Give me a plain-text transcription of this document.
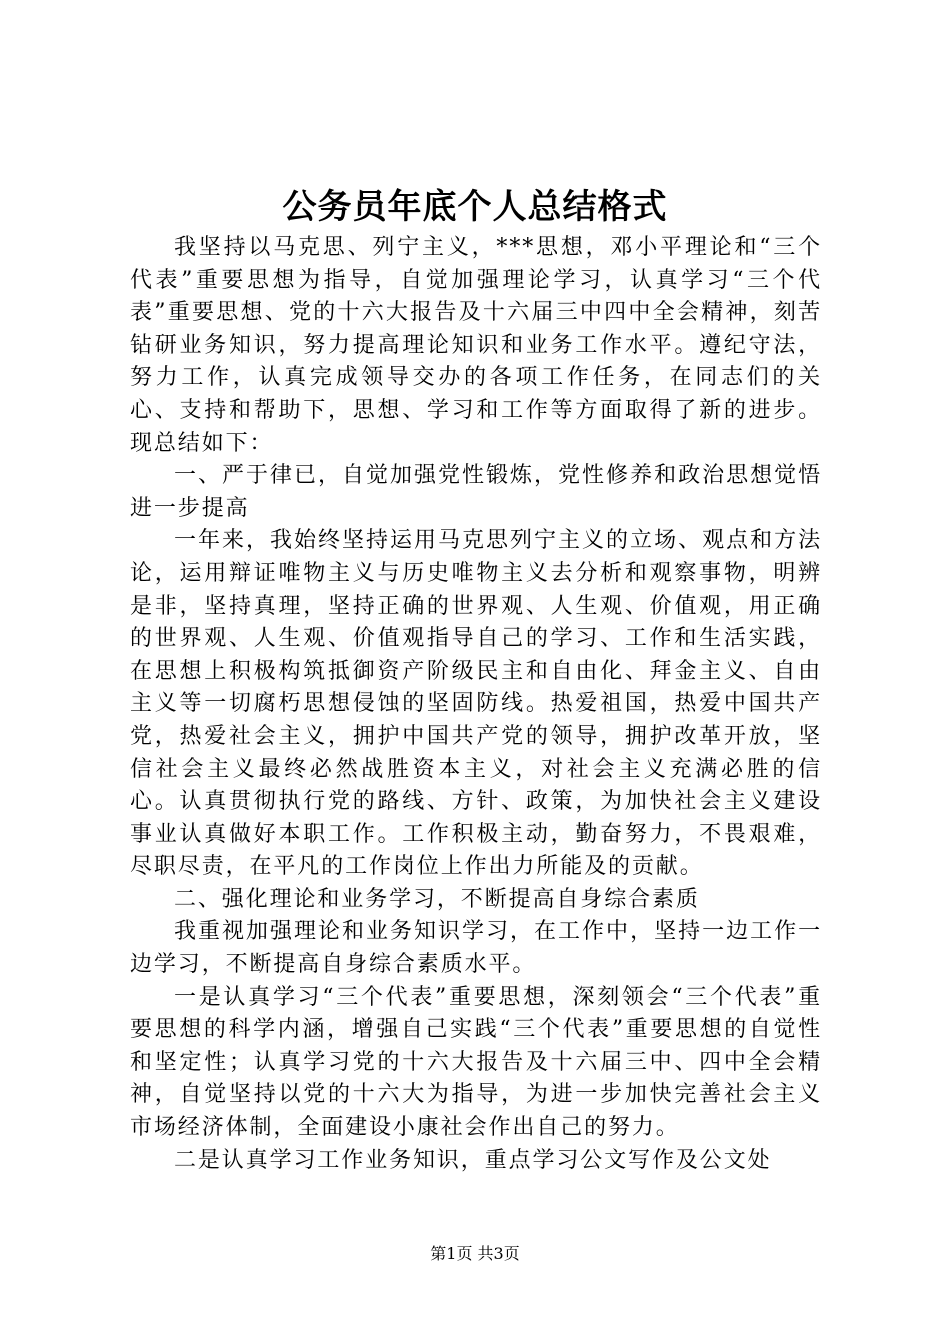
公务员年底个人总结格式

我坚持以马克思、列宁主义，***思想，邓小平理论和“三个代表”重要思想为指导，自觉加强理论学习，认真学习“三个代表”重要思想、党的十六大报告及十六届三中四中全会精神，刻苦钻研业务知识，努力提高理论知识和业务工作水平。遵纪守法，努力工作，认真完成领导交办的各项工作任务，在同志们的关心、支持和帮助下，思想、学习和工作等方面取得了新的进步。现总结如下：

一、严于律已，自觉加强党性锻炼，党性修养和政治思想觉悟进一步提高

一年来，我始终坚持运用马克思列宁主义的立场、观点和方法论，运用辩证唯物主义与历史唯物主义去分析和观察事物，明辨是非，坚持真理，坚持正确的世界观、人生观、价值观，用正确的世界观、人生观、价值观指导自己的学习、工作和生活实践，在思想上积极构筑抵御资产阶级民主和自由化、拜金主义、自由主义等一切腐朽思想侵蚀的坚固防线。热爱祖国，热爱中国共产党，热爱社会主义，拥护中国共产党的领导，拥护改革开放，坚信社会主义最终必然战胜资本主义，对社会主义充满必胜的信心。认真贯彻执行党的路线、方针、政策，为加快社会主义建设事业认真做好本职工作。工作积极主动，勤奋努力，不畏艰难，尽职尽责，在平凡的工作岗位上作出力所能及的贡献。

二、强化理论和业务学习，不断提高自身综合素质

我重视加强理论和业务知识学习，在工作中，坚持一边工作一边学习，不断提高自身综合素质水平。

一是认真学习“三个代表”重要思想，深刻领会“三个代表”重要思想的科学内涵，增强自己实践“三个代表”重要思想的自觉性和坚定性；认真学习党的十六大报告及十六届三中、四中全会精神，自觉坚持以党的十六大为指导，为进一步加快完善社会主义市场经济体制，全面建设小康社会作出自己的努力。

二是认真学习工作业务知识，重点学习公文写作及公文处

第1页 共3页
